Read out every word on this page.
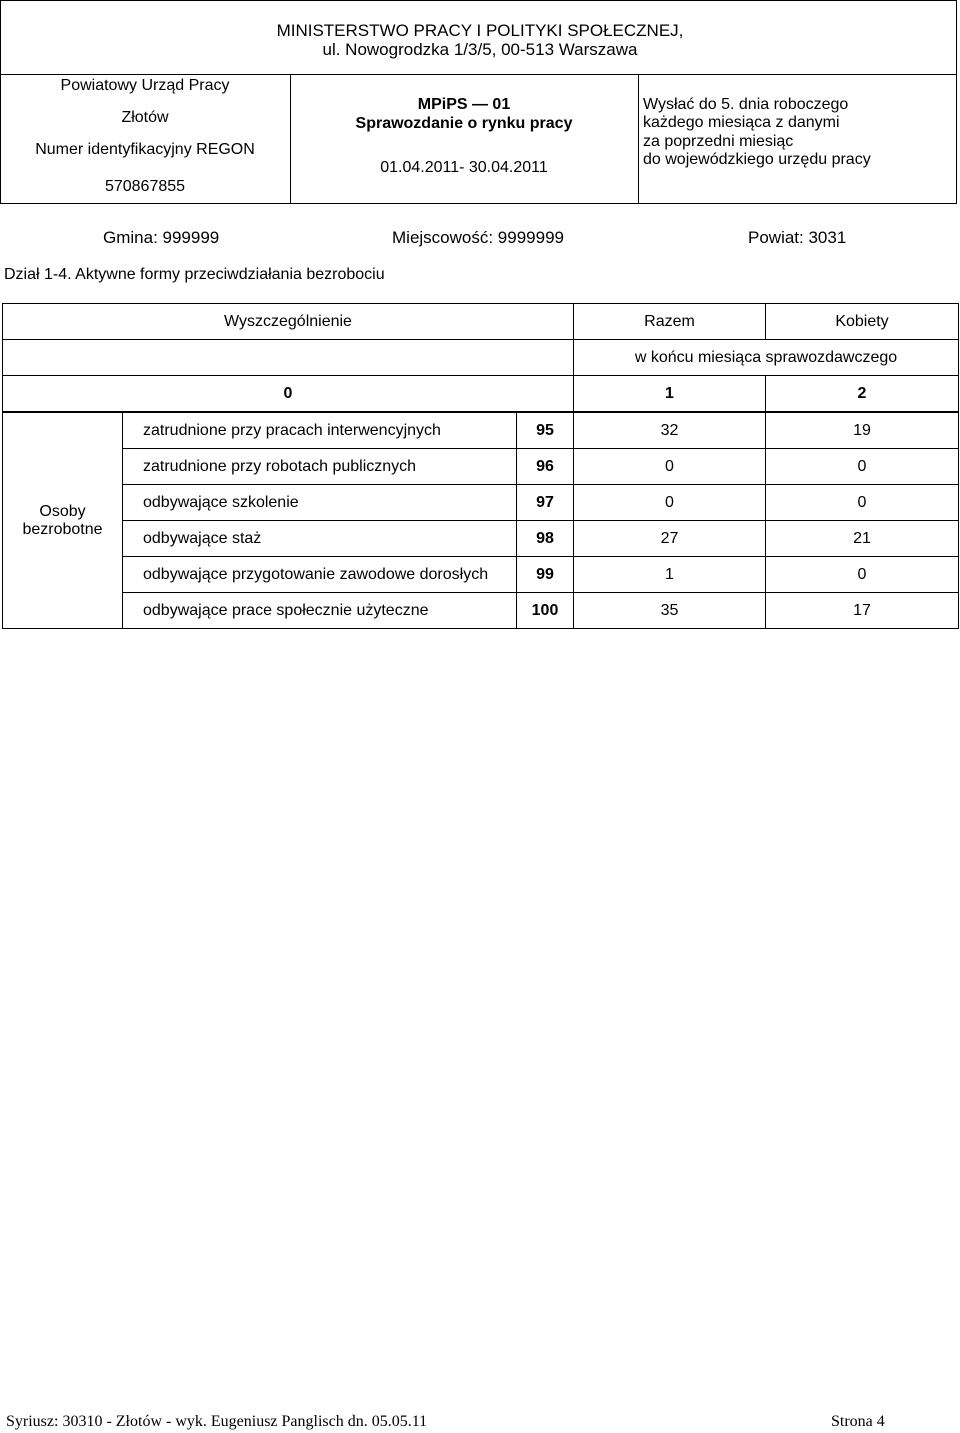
MINISTERSTWO PRACY I POLITYKI SPOŁECZNEJ,
ul. Nowogrodzka 1/3/5, 00-513 Warszawa
Powiatowy Urząd Pracy
Złotów
Numer identyfikacyjny REGON
570867855
MPiPS — 01
Sprawozdanie o rynku pracy
01.04.2011- 30.04.2011
Wysłać do 5. dnia roboczego
każdego miesiąca z danymi
za poprzedni miesiąc
do wojewódzkiego urzędu pracy
Gmina: 999999	Miejscowość: 9999999	Powiat: 3031
Dział 1-4. Aktywne formy przeciwdziałania bezrobociu
Wyszczególnienie			Razem	Kobiety
			w końcu miesiąca sprawozdawczego	
0			1	2

Osoby bezrobotne	zatrudnione przy pracach interwencyjnych	95	32	19
	zatrudnione przy robotach publicznych	96	0	0
	odbywające szkolenie	97	0	0
	odbywające staż	98	27	21
	odbywające przygotowanie zawodowe dorosłych	99	1	0
	odbywające prace społecznie użyteczne	100	35	17
Syriusz: 30310 - Złotów - wyk. Eugeniusz Panglisch dn. 05.05.11	Strona 4
